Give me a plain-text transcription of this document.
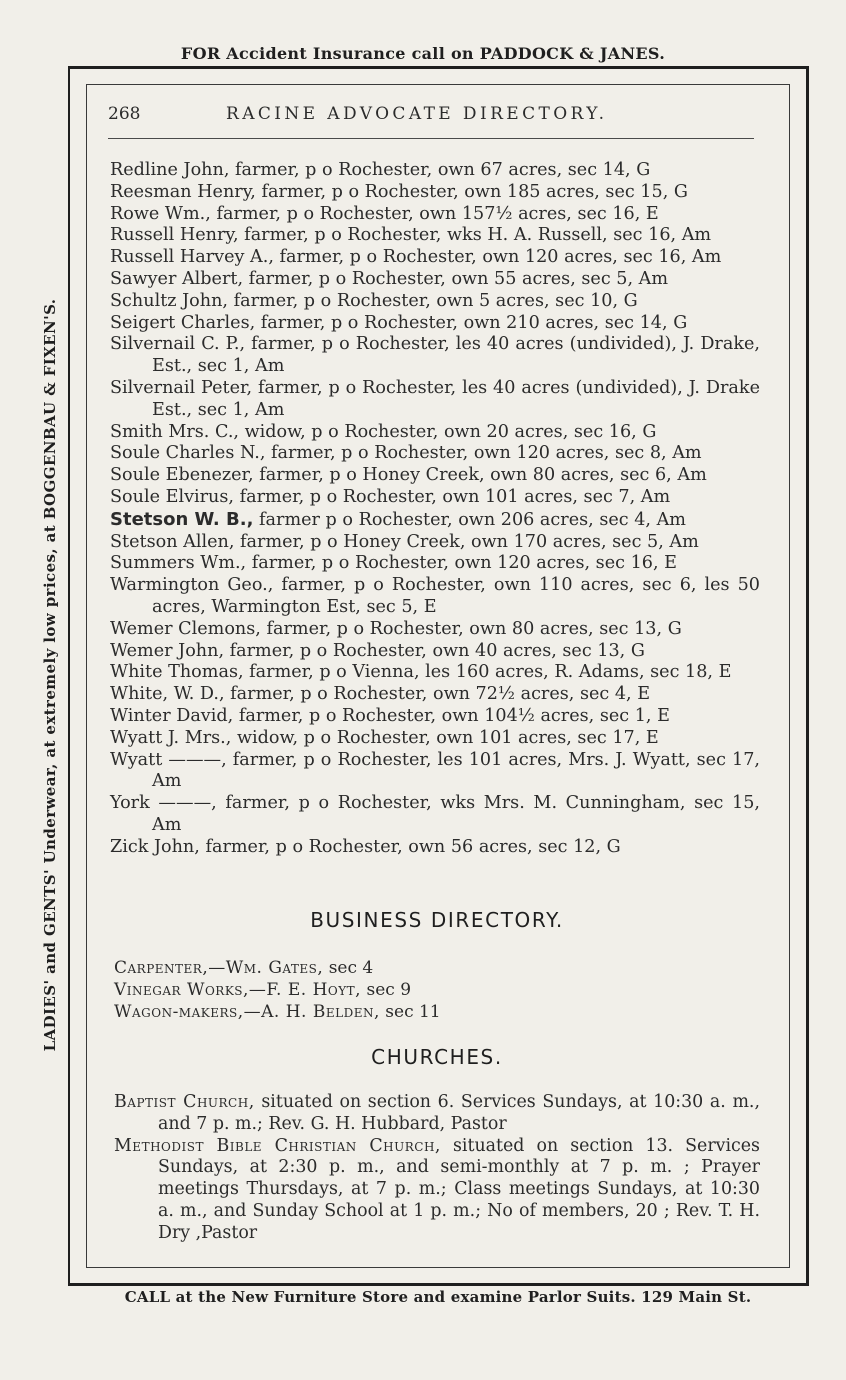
FOR Accident Insurance call on PADDOCK & JANES.
LADIES' and GENTS' Underwear, at extremely low prices, at BOGGENBAU & FIXEN'S.
268	RACINE ADVOCATE DIRECTORY.
Redline John, farmer, p o Rochester, own 67 acres, sec 14, G
Reesman Henry, farmer, p o Rochester, own 185 acres, sec 15, G
Rowe Wm., farmer, p o Rochester, own 157½ acres, sec 16, E
Russell Henry, farmer, p o Rochester, wks H. A. Russell, sec 16, Am
Russell Harvey A., farmer, p o Rochester, own 120 acres, sec 16, Am
Sawyer Albert, farmer, p o Rochester, own 55 acres, sec 5, Am
Schultz John, farmer, p o Rochester, own 5 acres, sec 10, G
Seigert Charles, farmer, p o Rochester, own 210 acres, sec 14, G
Silvernail C. P., farmer, p o Rochester, les 40 acres (undivided), J. Drake, Est., sec 1, Am
Silvernail Peter, farmer, p o Rochester, les 40 acres (undivided), J. Drake Est., sec 1, Am
Smith Mrs. C., widow, p o Rochester, own 20 acres, sec 16, G
Soule Charles N., farmer, p o Rochester, own 120 acres, sec 8, Am
Soule Ebenezer, farmer, p o Honey Creek, own 80 acres, sec 6, Am
Soule Elvirus, farmer, p o Rochester, own 101 acres, sec 7, Am
Stetson W. B., farmer p o Rochester, own 206 acres, sec 4, Am
Stetson Allen, farmer, p o Honey Creek, own 170 acres, sec 5, Am
Summers Wm., farmer, p o Rochester, own 120 acres, sec 16, E
Warmington Geo., farmer, p o Rochester, own 110 acres, sec 6, les 50 acres, Warmington Est, sec 5, E
Wemer Clemons, farmer, p o Rochester, own 80 acres, sec 13, G
Wemer John, farmer, p o Rochester, own 40 acres, sec 13, G
White Thomas, farmer, p o Vienna, les 160 acres, R. Adams, sec 18, E
White, W. D., farmer, p o Rochester, own 72½ acres, sec 4, E
Winter David, farmer, p o Rochester, own 104½ acres, sec 1, E
Wyatt J. Mrs., widow, p o Rochester, own 101 acres, sec 17, E
Wyatt ———, farmer, p o Rochester, les 101 acres, Mrs. J. Wyatt, sec 17, Am
York ———, farmer, p o Rochester, wks Mrs. M. Cunningham, sec 15, Am
Zick John, farmer, p o Rochester, own 56 acres, sec 12, G
BUSINESS DIRECTORY.
Carpenter,—Wm. Gates, sec 4
Vinegar Works,—F. E. Hoyt, sec 9
Wagon-makers,—A. H. Belden, sec 11
CHURCHES.
Baptist Church, situated on section 6. Services Sundays, at 10:30 a. m., and 7 p. m.; Rev. G. H. Hubbard, Pastor
Methodist Bible Christian Church, situated on section 13. Services Sundays, at 2:30 p. m., and semi-monthly at 7 p. m. ; Prayer meetings Thursdays, at 7 p. m.; Class meetings Sundays, at 10:30 a. m., and Sunday School at 1 p. m.; No of members, 20 ; Rev. T. H. Dry ,Pastor
CALL at the New Furniture Store and examine Parlor Suits. 129 Main St.
